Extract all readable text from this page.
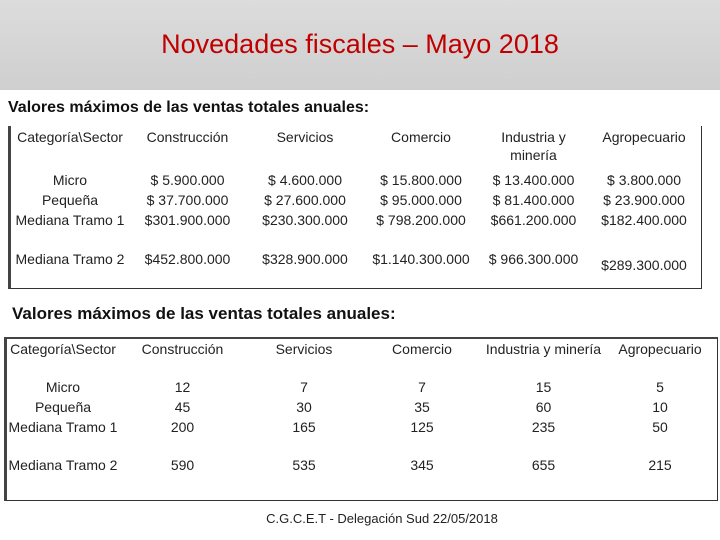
Novedades fiscales – Mayo 2018
Valores máximos de las ventas totales anuales:
Categoría\Sector	Construcción	Servicios	Comercio	Industria y minería	Agropecuario
Micro	$ 5.900.000	$ 4.600.000	$ 15.800.000	$ 13.400.000	$ 3.800.000
Pequeña	$ 37.700.000	$ 27.600.000	$ 95.000.000	$ 81.400.000	$ 23.900.000
Mediana Tramo 1	$301.900.000	$230.300.000	$ 798.200.000	$661.200.000	$182.400.000
Mediana Tramo 2	$452.800.000	$328.900.000	$1.140.300.000	$ 966.300.000	$289.300.000
Valores máximos de las ventas totales anuales:
Categoría\Sector	Construcción	Servicios	Comercio	Industria y minería	Agropecuario
Micro	12	7	7	15	5
Pequeña	45	30	35	60	10
Mediana Tramo 1	200	165	125	235	50
Mediana Tramo 2	590	535	345	655	215
C.G.C.E.T - Delegación Sud 22/05/2018
